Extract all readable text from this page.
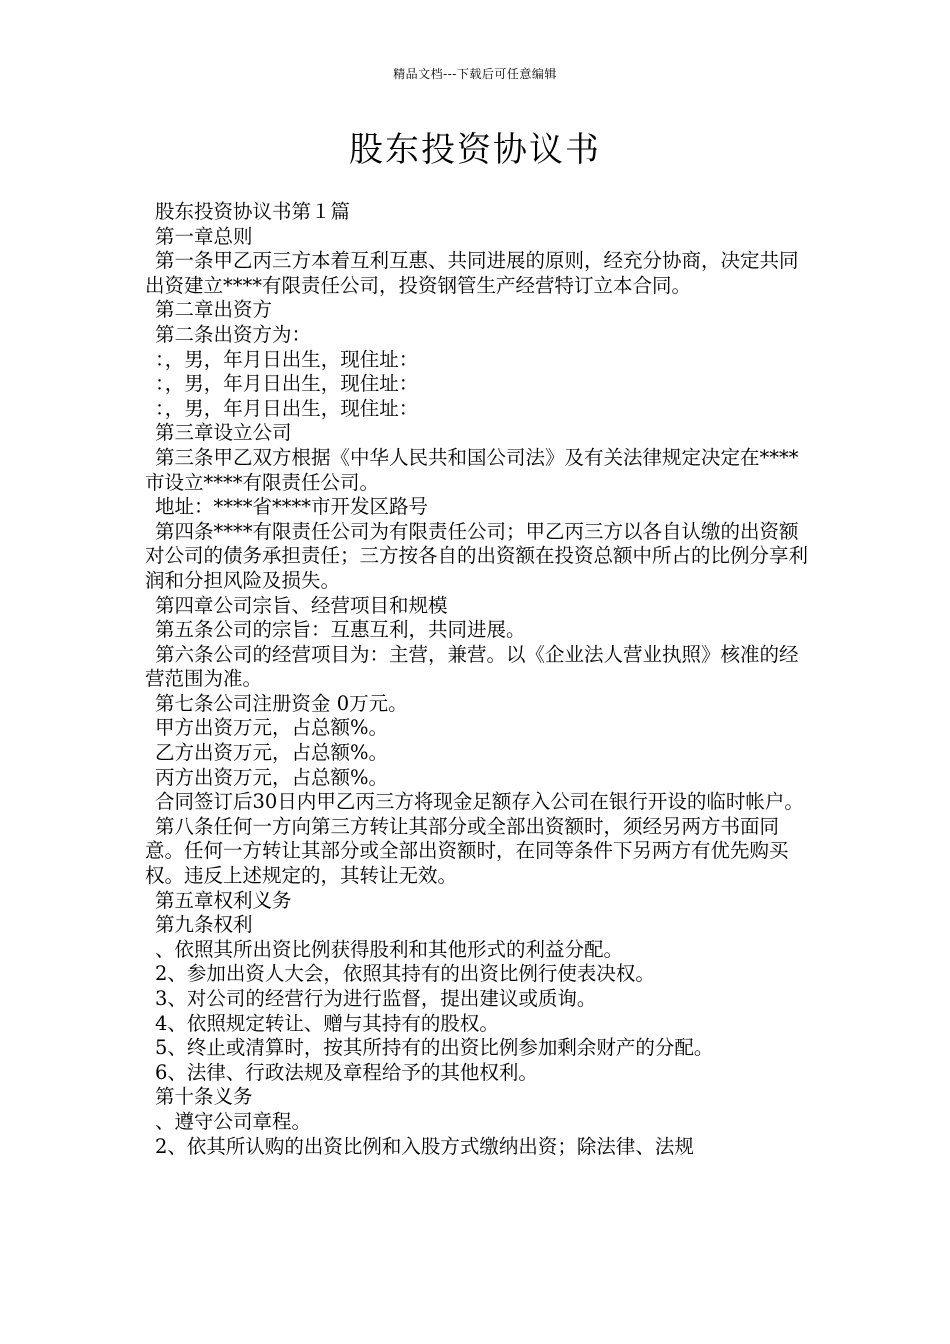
精品文档---下载后可任意编辑
股东投资协议书

股东投资协议书第１篇

第一章总则

第一条甲乙丙三方本着互利互惠、共同进展的原则，经充分协商，决定共同出资建立****有限责任公司，投资钢管生产经营特订立本合同。

第二章出资方

第二条出资方为：

：，男，年月日出生，现住址：

：，男，年月日出生，现住址：

：，男，年月日出生，现住址：

第三章设立公司

第三条甲乙双方根据《中华人民共和国公司法》及有关法律规定决定在****市设立****有限责任公司。

地址：****省****市开发区路号

第四条****有限责任公司为有限责任公司；甲乙丙三方以各自认缴的出资额对公司的债务承担责任；三方按各自的出资额在投资总额中所占的比例分享利润和分担风险及损失。

第四章公司宗旨、经营项目和规模

第五条公司的宗旨：互惠互利，共同进展。

第六条公司的经营项目为：主营，兼营。以《企业法人营业执照》核准的经营范围为准。

第七条公司注册资金 0万元。

甲方出资万元，占总额%。

乙方出资万元，占总额%。

丙方出资万元，占总额%。

合同签订后30日内甲乙丙三方将现金足额存入公司在银行开设的临时帐户。

第八条任何一方向第三方转让其部分或全部出资额时，须经另两方书面同意。任何一方转让其部分或全部出资额时，在同等条件下另两方有优先购买权。违反上述规定的，其转让无效。

第五章权利义务

第九条权利

、依照其所出资比例获得股利和其他形式的利益分配。

2、参加出资人大会，依照其持有的出资比例行使表决权。

3、对公司的经营行为进行监督，提出建议或质询。

4、依照规定转让、赠与其持有的股权。

5、终止或清算时，按其所持有的出资比例参加剩余财产的分配。

6、法律、行政法规及章程给予的其他权利。

第十条义务

、遵守公司章程。

2、依其所认购的出资比例和入股方式缴纳出资；除法律、法规
